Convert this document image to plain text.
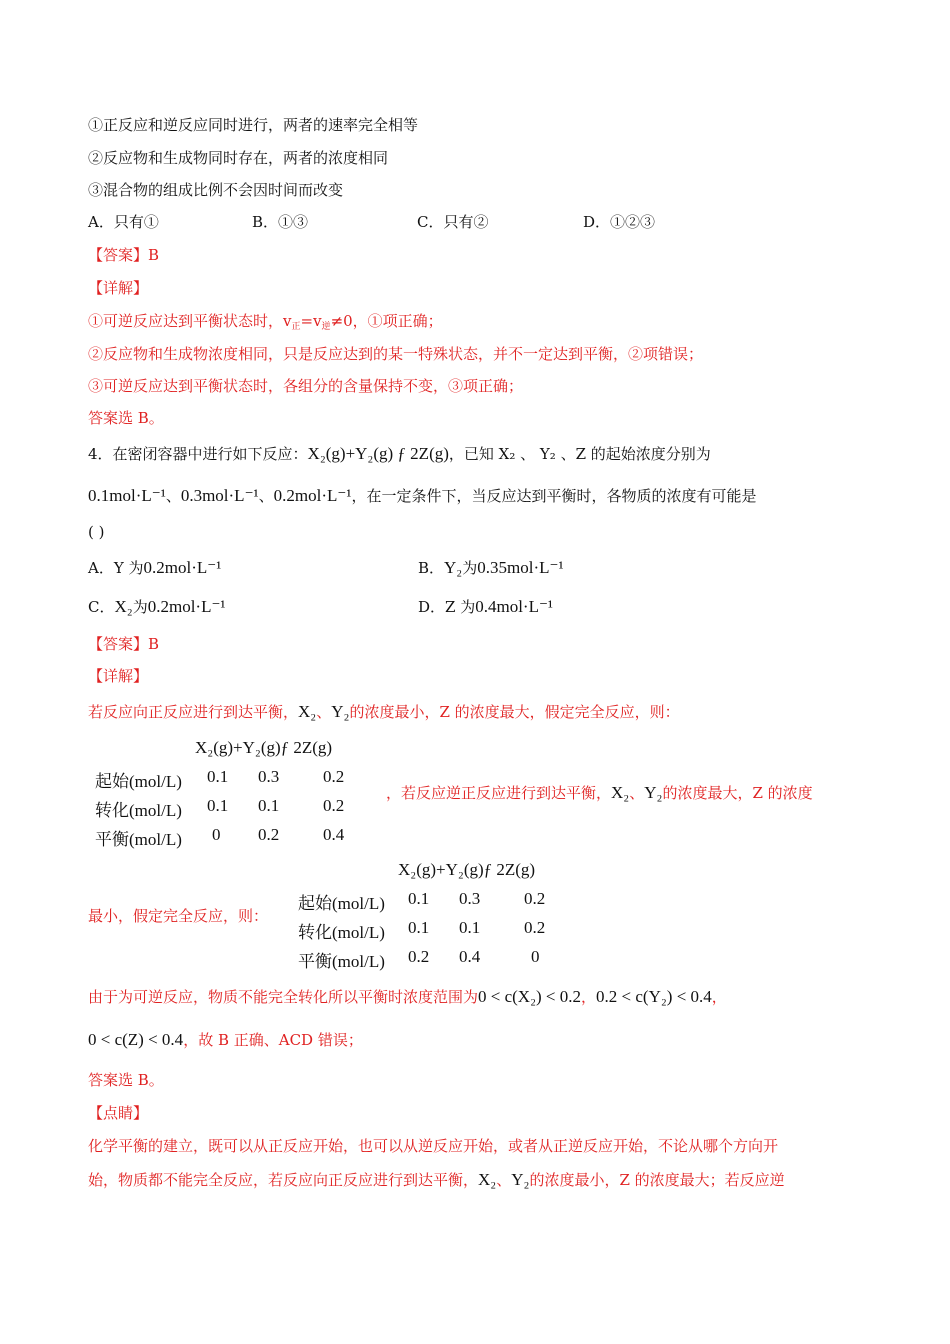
①正反应和逆反应同时进行，两者的速率完全相等
②反应物和生成物同时存在，两者的浓度相同
③混合物的组成比例不会因时间而改变
A．只有①	B．①③	C．只有②	D．①②③
【答案】B
【详解】
①可逆反应达到平衡状态时，$v_正=v_逆\ne 0$，①项正确；
②反应物和生成物浓度相同，只是反应达到的某一特殊状态，并不一定达到平衡，②项错误；
③可逆反应达到平衡状态时，各组分的含量保持不变，③项正确；
答案选 B。
4．在密闭容器中进行如下反应：X₂(g)+Y₂(g) ƒ 2Z(g)，已知 X₂ 、 Y₂ 、Z 的起始浓度分别为
0.1mol·L⁻¹、0.3mol·L⁻¹、0.2mol·L⁻¹，在一定条件下，当反应达到平衡时，各物质的浓度有可能是
( )
A．Y 为0.2mol·L⁻¹	B．Y₂为0.35mol·L⁻¹
C．X₂为0.2mol·L⁻¹	D．Z 为0.4mol·L⁻¹
【答案】B
【详解】
若反应向正反应进行到达平衡，X₂、Y₂的浓度最小，Z 的浓度最大，假定完全反应，则：
X₂(g)+Y₂(g)ƒ 2Z(g)
起始(mol/L) 0.1 0.3	0.2
转化(mol/L) 0.1 0.1	0.2
平衡(mol/L) 0 0.2	0.4
，若反应逆正反应进行到达平衡，X₂、Y₂的浓度最大，Z 的浓度
最小，假定完全反应，则：
X₂(g)+Y₂(g)ƒ 2Z(g)
起始(mol/L) 0.1 0.3	0.2
转化(mol/L) 0.1 0.1	0.2
平衡(mol/L) 0.2 0.4	0
由于为可逆反应，物质不能完全转化所以平衡时浓度范围为0 < c(X₂) < 0.2，0.2 < c(Y₂) < 0.4，
0 < c(Z) < 0.4，故 B 正确、ACD 错误；
答案选 B。
【点睛】
化学平衡的建立，既可以从正反应开始，也可以从逆反应开始，或者从正逆反应开始，不论从哪个方向开
始，物质都不能完全反应，若反应向正反应进行到达平衡，X₂、Y₂的浓度最小，Z 的浓度最大；若反应逆
